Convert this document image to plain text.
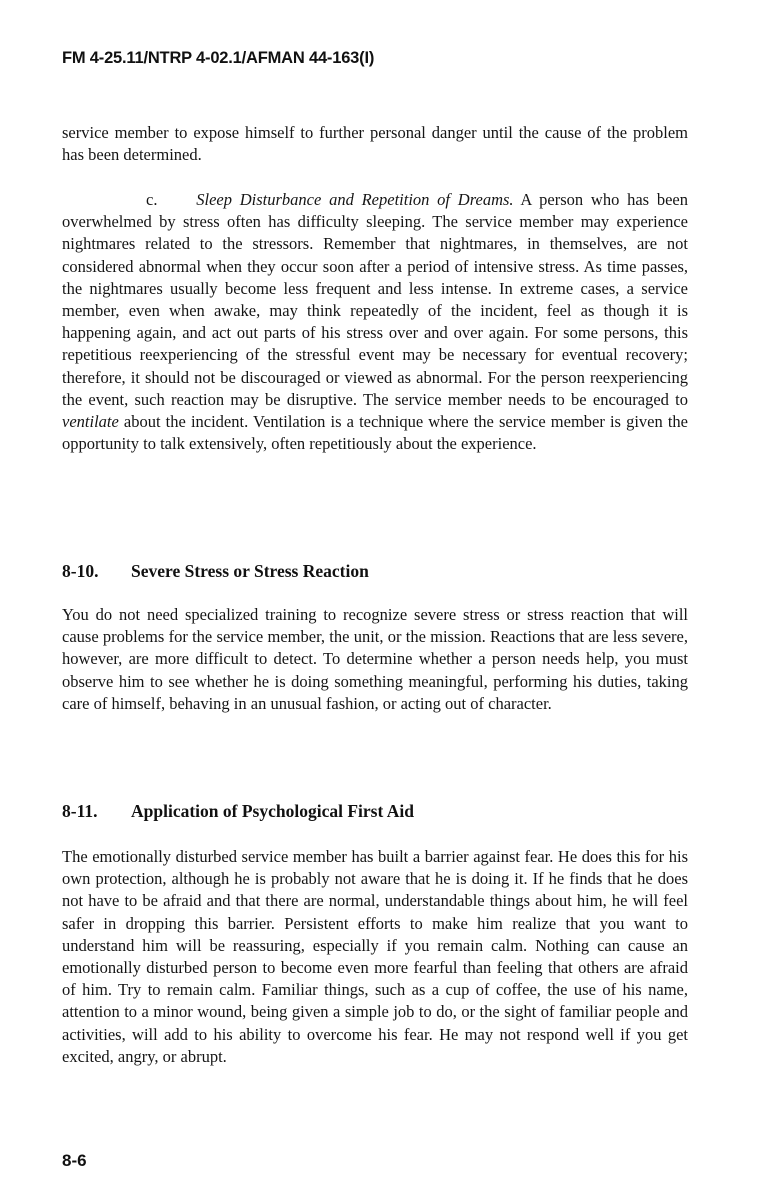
FM 4-25.11/NTRP 4-02.1/AFMAN 44-163(I)

service member to expose himself to further personal danger until the cause of the problem has been determined.

c. Sleep Disturbance and Repetition of Dreams. A person who has been overwhelmed by stress often has difficulty sleeping. The service member may experience nightmares related to the stressors. Remember that nightmares, in themselves, are not considered abnormal when they occur soon after a period of intensive stress. As time passes, the nightmares usually become less frequent and less intense. In extreme cases, a service member, even when awake, may think repeatedly of the incident, feel as though it is happening again, and act out parts of his stress over and over again. For some persons, this repetitious reexperiencing of the stressful event may be necessary for eventual recovery; therefore, it should not be discouraged or viewed as abnormal. For the person reexperiencing the event, such reaction may be disruptive. The service member needs to be encouraged to ventilate about the incident. Ventilation is a technique where the service member is given the opportunity to talk extensively, often repetitiously about the experience.

8-10. Severe Stress or Stress Reaction

You do not need specialized training to recognize severe stress or stress reaction that will cause problems for the service member, the unit, or the mission. Reactions that are less severe, however, are more difficult to detect. To determine whether a person needs help, you must observe him to see whether he is doing something meaningful, performing his duties, taking care of himself, behaving in an unusual fashion, or acting out of character.

8-11. Application of Psychological First Aid

The emotionally disturbed service member has built a barrier against fear. He does this for his own protection, although he is probably not aware that he is doing it. If he finds that he does not have to be afraid and that there are normal, understandable things about him, he will feel safer in dropping this barrier. Persistent efforts to make him realize that you want to understand him will be reassuring, especially if you remain calm. Nothing can cause an emotionally disturbed person to become even more fearful than feeling that others are afraid of him. Try to remain calm. Familiar things, such as a cup of coffee, the use of his name, attention to a minor wound, being given a simple job to do, or the sight of familiar people and activities, will add to his ability to overcome his fear. He may not respond well if you get excited, angry, or abrupt.

8-6
